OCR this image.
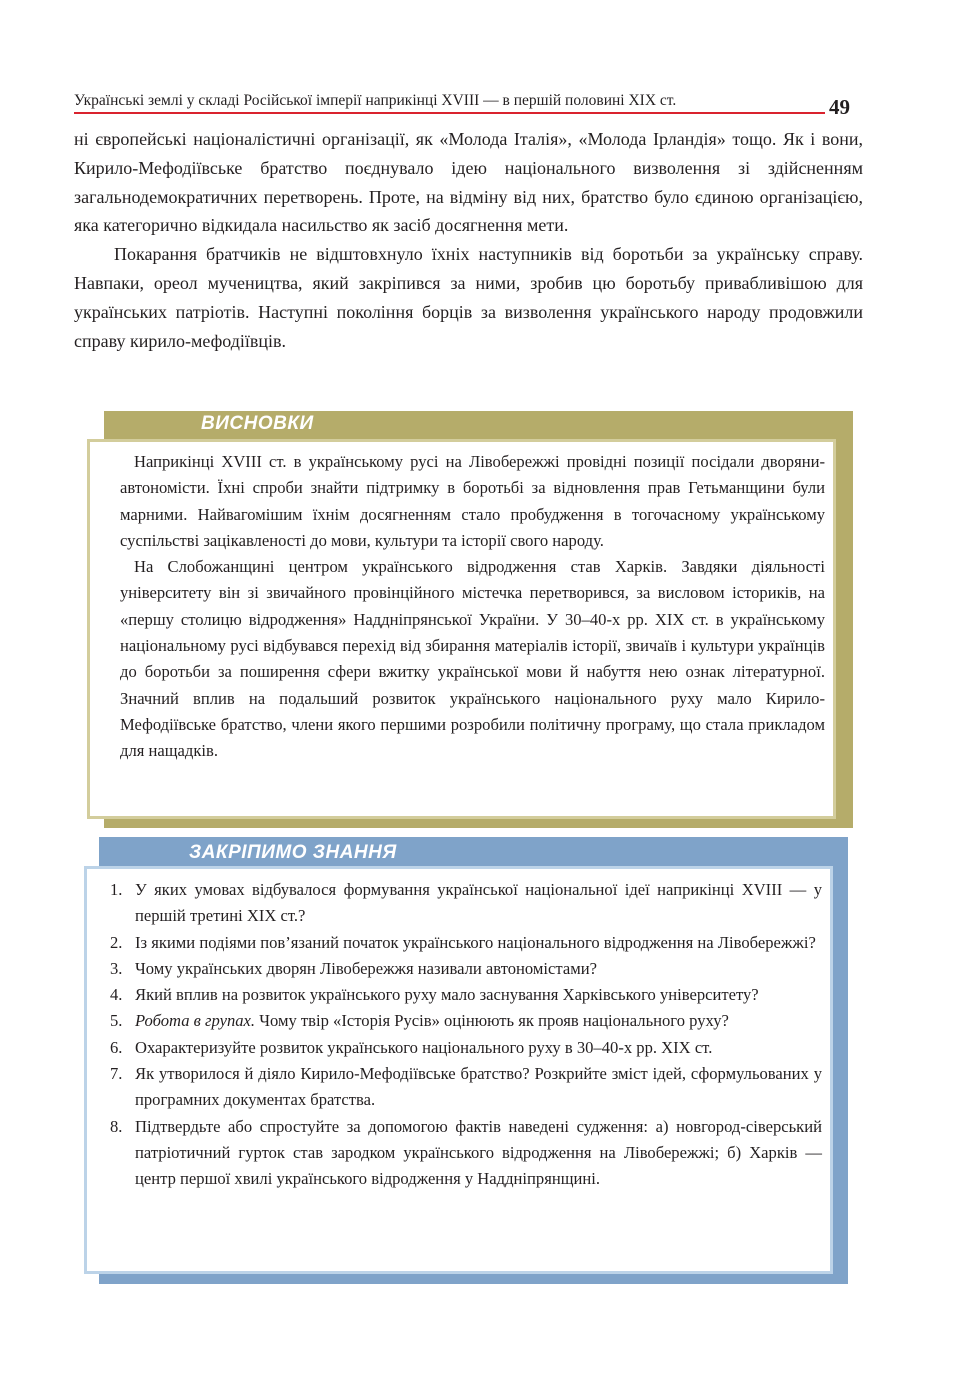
Українські землі у складі Російської імперії наприкінці XVIII — в першій половині XIX ст.	49

ні європейські націоналістичні організації, як «Молода Італія», «Молода Ірландія» тощо. Як і вони, Кирило-Мефодіївське братство поєднувало ідею національного визволення зі здійсненням загальнодемократичних перетворень. Проте, на відміну від них, братство було єдиною організацією, яка категорично відкидала насильство як засіб досягнення мети.

Покарання братчиків не відштовхнуло їхніх наступників від боротьби за українську справу. Навпаки, ореол мучеництва, який закріпився за ними, зробив цю боротьбу привабливішою для українських патріотів. Наступні покоління борців за визволення українського народу продовжили справу кирило-мефодіївців.

ВИСНОВКИ

Наприкінці XVIII ст. в українському русі на Лівобережжі провідні позиції посідали дворяни-автономісти. Їхні спроби знайти підтримку в боротьбі за відновлення прав Гетьманщини були марними. Найвагомішим їхнім досягненням стало пробудження в тогочасному українському суспільстві зацікавленості до мови, культури та історії свого народу.

На Слобожанщині центром українського відродження став Харків. Завдяки діяльності університету він зі звичайного провінційного містечка перетворився, за висловом істориків, на «першу столицю відродження» Наддніпрянської України. У 30–40-х рр. XIX ст. в українському національному русі відбувався перехід від збирання матеріалів історії, звичаїв і культури українців до боротьби за поширення сфери вжитку української мови й набуття нею ознак літературної. Значний вплив на подальший розвиток українського національного руху мало Кирило-Мефодіївське братство, члени якого першими розробили політичну програму, що стала прикладом для нащадків.

ЗАКРІПИМО ЗНАННЯ
1. У яких умовах відбувалося формування української національної ідеї наприкінці XVIII — у першій третині XIX ст.?
2. Із якими подіями пов’язаний початок українського національного відродження на Лівобережжі?
3. Чому українських дворян Лівобережжя називали автономістами?
4. Який вплив на розвиток українського руху мало заснування Харківського університету?
5. Робота в групах. Чому твір «Історія Русів» оцінюють як прояв національного руху?
6. Охарактеризуйте розвиток українського національного руху в 30–40-х рр. XIX ст.
7. Як утворилося й діяло Кирило-Мефодіївське братство? Розкрийте зміст ідей, сформульованих у програмних документах братства.
8. Підтвердьте або спростуйте за допомогою фактів наведені судження: а) новгород-сіверський патріотичний гурток став зародком українського відродження на Лівобережжі; б) Харків — центр першої хвилі українського відродження у Наддніпрянщині.
